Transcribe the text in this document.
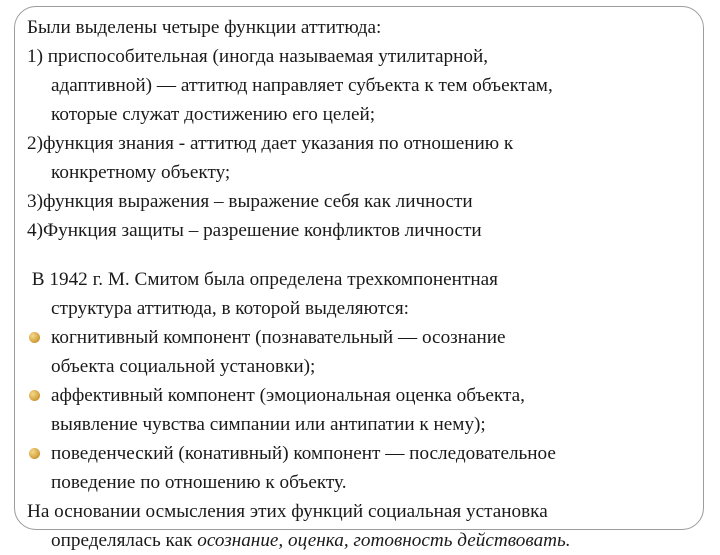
Были выделены четыре функции аттитюда:
1) приспособительная (иногда называемая утилитарной,
адаптивной) — аттитюд направляет субъекта к тем объектам,
которые служат достижению его целей;
2)функция знания - аттитюд дает указания по отношению к
конкретному объекту;
3)функция выражения – выражение себя как личности
4)Функция защиты – разрешение конфликтов личности
В 1942 г. М. Смитом была определена трехкомпонентная
структура аттитюда, в которой выделяются:
когнитивный компонент (познавательный — осознание
объекта социальной установки);
аффективный компонент (эмоциональная оценка объекта,
выявление чувства симпании или антипатии к нему);
поведенческий (конативный) компонент — последовательное
поведение по отношению к объекту.
На основании осмысления этих функций социальная установка
определялась как осознание, оценка, готовность действовать.
